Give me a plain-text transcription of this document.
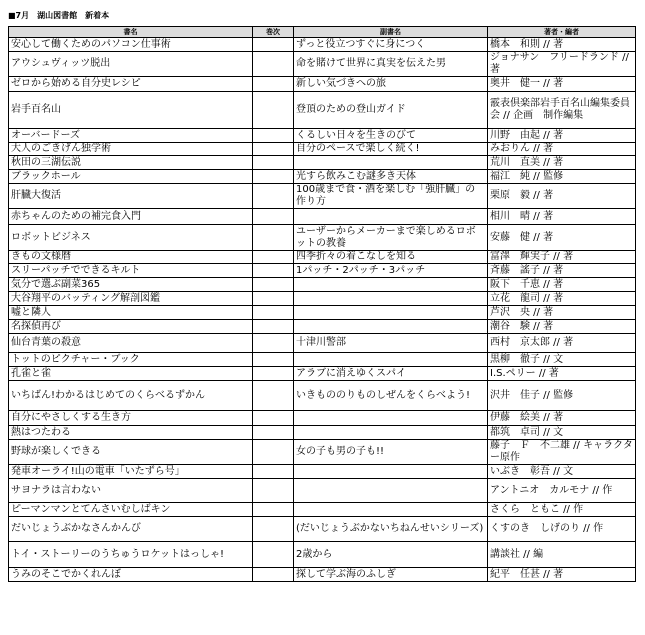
■7月　湖山図書館　新着本
書名	巻次	副書名	著者・編者
安心して働くためのパソコン仕事術		ずっと役立つすぐに身につく	橋本　和則 // 著
アウシュヴィッツ脱出		命を賭けて世界に真実を伝えた男	ジョナサン　フリードランド // 著
ゼロから始める自分史レシピ		新しい気づきへの旅	奥井　健一 // 著
岩手百名山		登頂のための登山ガイド	霰表倶楽部岩手百名山編集委員会 // 企画　制作編集
オーバードーズ		くるしい日々を生きのびて	川野　由起 // 著
大人のごきげん独学術		自分のペースで楽しく続く!	みおりん // 著
秋田の三湖伝説			荒川　直美 // 著
ブラックホール		光すら飲みこむ謎多き天体	福江　純 // 監修
肝臓大復活		100歳まで食・酒を楽しむ「強肝臓」の作り方	栗原　毅 // 著
赤ちゃんのための補完食入門			相川　晴 // 著
ロボットビジネス		ユーザーからメーカーまで楽しめるロボットの教養	安藤　健 // 著
きもの文様暦		四季折々の着こなしを知る	富澤　輝実子 // 著
スリーパッチでできるキルト		1パッチ・2パッチ・3パッチ	斉藤　謠子 // 著
気分で選ぶ副菜365			阪下　千恵 // 著
大谷翔平のバッティング解剖図鑑			立花　龍司 // 著
嘘と隣人			芦沢　央 // 著
名探偵再び			潮谷　験 // 著
仙台青葉の殺意		十津川警部	西村　京太郎 // 著
トットのピクチャー・ブック			黒柳　徹子 // 文
孔雀と雀		アラブに消えゆくスパイ	I.S.ペリー // 著
いちばん!わかるはじめてのくらべるずかん		いきもののりものしぜんをくらべよう!	沢井　佳子 // 監修
自分にやさしくする生き方			伊藤　絵美 // 著
熱はつたわる			都筑　卓司 // 文
野球が楽しくできる		女の子も男の子も!!	藤子　Ｆ　不二雄 // キャラクター原作
発車オーライ!山の電車「いたずら号」			いぶき　彰吾 // 文
サヨナラは言わない			アントニオ　カルモナ // 作
ピーマンマンとてんさいむしばキン			さくら　ともこ // 作
だいじょうぶかなさんかんび		(だいじょうぶかないちねんせいシリーズ)	くすのき　しげのり // 作
トイ・ストーリーのうちゅうロケットはっしゃ!		2歳から	講談社 // 編
うみのそこでかくれんぼ		探して学ぶ海のふしぎ	紀平　任甚 // 著
